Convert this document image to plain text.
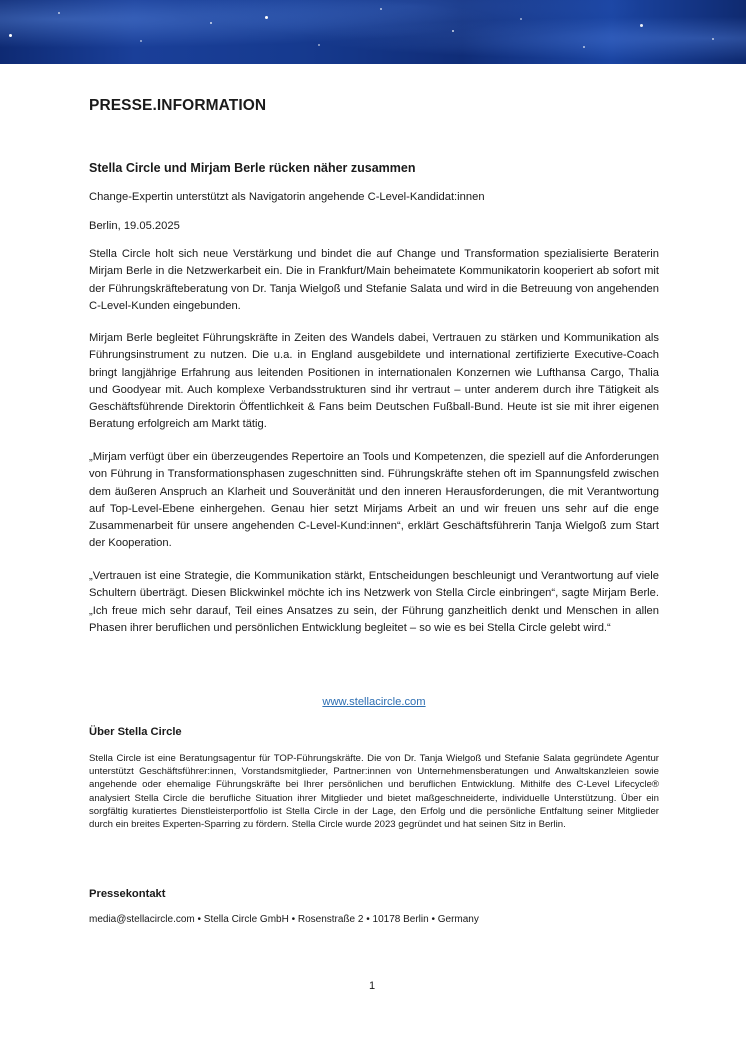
PRESSE.INFORMATION
Stella Circle und Mirjam Berle rücken näher zusammen

Change-Expertin unterstützt als Navigatorin angehende C-Level-Kandidat:innen

Berlin, 19.05.2025

Stella Circle holt sich neue Verstärkung und bindet die auf Change und Transformation spezialisierte Beraterin Mirjam Berle in die Netzwerkarbeit ein. Die in Frankfurt/Main beheimatete Kommunikatorin kooperiert ab sofort mit der Führungskräfteberatung von Dr. Tanja Wielgoß und Stefanie Salata und wird in die Betreuung von angehenden C-Level-Kunden eingebunden.

Mirjam Berle begleitet Führungskräfte in Zeiten des Wandels dabei, Vertrauen zu stärken und Kommunikation als Führungsinstrument zu nutzen. Die u.a. in England ausgebildete und international zertifizierte Executive-Coach bringt langjährige Erfahrung aus leitenden Positionen in internationalen Konzernen wie Lufthansa Cargo, Thalia und Goodyear mit. Auch komplexe Verbandsstrukturen sind ihr vertraut – unter anderem durch ihre Tätigkeit als Geschäftsführende Direktorin Öffentlichkeit & Fans beim Deutschen Fußball-Bund. Heute ist sie mit ihrer eigenen Beratung erfolgreich am Markt tätig.

„Mirjam verfügt über ein überzeugendes Repertoire an Tools und Kompetenzen, die speziell auf die Anforderungen von Führung in Transformationsphasen zugeschnitten sind. Führungskräfte stehen oft im Spannungsfeld zwischen dem äußeren Anspruch an Klarheit und Souveränität und den inneren Herausforderungen, die mit Verantwortung auf Top-Level-Ebene einhergehen. Genau hier setzt Mirjams Arbeit an und wir freuen uns sehr auf die enge Zusammenarbeit für unsere angehenden C-Level-Kund:innen“, erklärt Geschäftsführerin Tanja Wielgoß zum Start der Kooperation.

„Vertrauen ist eine Strategie, die Kommunikation stärkt, Entscheidungen beschleunigt und Verantwortung auf viele Schultern überträgt. Diesen Blickwinkel möchte ich ins Netzwerk von Stella Circle einbringen“, sagte Mirjam Berle. „Ich freue mich sehr darauf, Teil eines Ansatzes zu sein, der Führung ganzheitlich denkt und Menschen in allen Phasen ihrer beruflichen und persönlichen Entwicklung begleitet – so wie es bei Stella Circle gelebt wird.“

www.stellacircle.com
Über Stella Circle

Stella Circle ist eine Beratungsagentur für TOP-Führungskräfte. Die von Dr. Tanja Wielgoß und Stefanie Salata gegründete Agentur unterstützt Geschäftsführer:innen, Vorstandsmitglieder, Partner:innen von Unternehmensberatungen und Anwaltskanzleien sowie angehende oder ehemalige Führungskräfte bei Ihrer persönlichen und beruflichen Entwicklung. Mithilfe des C-Level Lifecycle® analysiert Stella Circle die berufliche Situation ihrer Mitglieder und bietet maßgeschneiderte, individuelle Unterstützung. Über ein sorgfältig kuratiertes Dienstleisterportfolio ist Stella Circle in der Lage, den Erfolg und die persönliche Entfaltung seiner Mitglieder durch ein breites Experten-Sparring zu fördern. Stella Circle wurde 2023 gegründet und hat seinen Sitz in Berlin.

Pressekontakt

media@stellacircle.com • Stella Circle GmbH • Rosenstraße 2 • 10178 Berlin • Germany

1
